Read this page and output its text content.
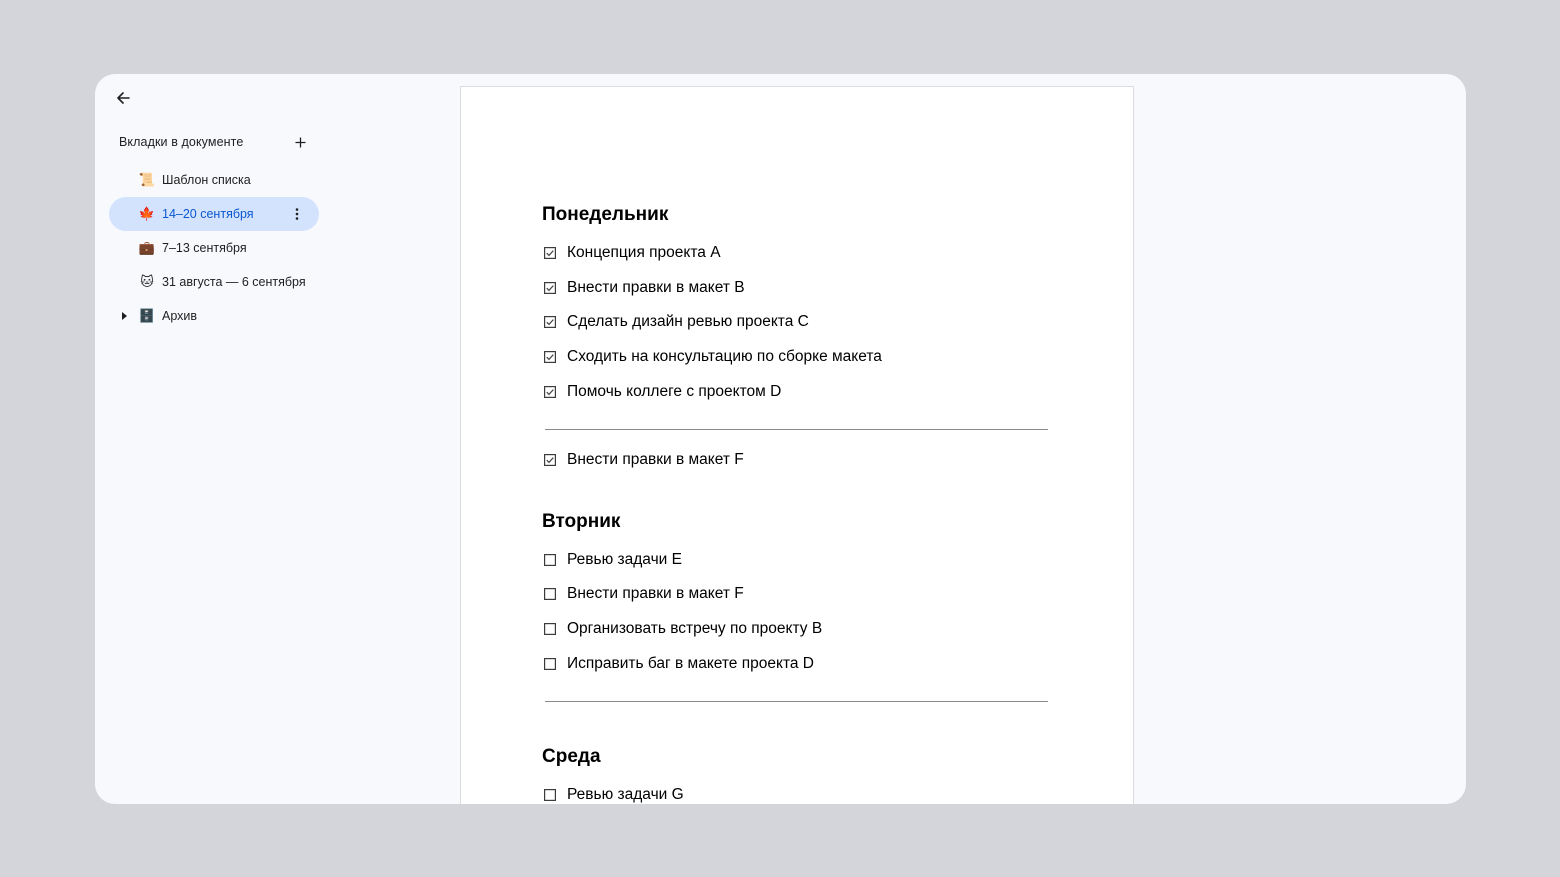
Вкладки в документе
📜 Шаблон списка
🍁 14–20 сентября
💼 7–13 сентября
🐱 31 августа — 6 сентября
🗄️ Архив
Понедельник
Концепция проекта A
Внести правки в макет B
Сделать дизайн ревью проекта C
Сходить на консультацию по сборке макета
Помочь коллеге с проектом D
Внести правки в макет F
Вторник
Ревью задачи E
Внести правки в макет F
Организовать встречу по проекту B
Исправить баг в макете проекта D
Среда
Ревью задачи G
